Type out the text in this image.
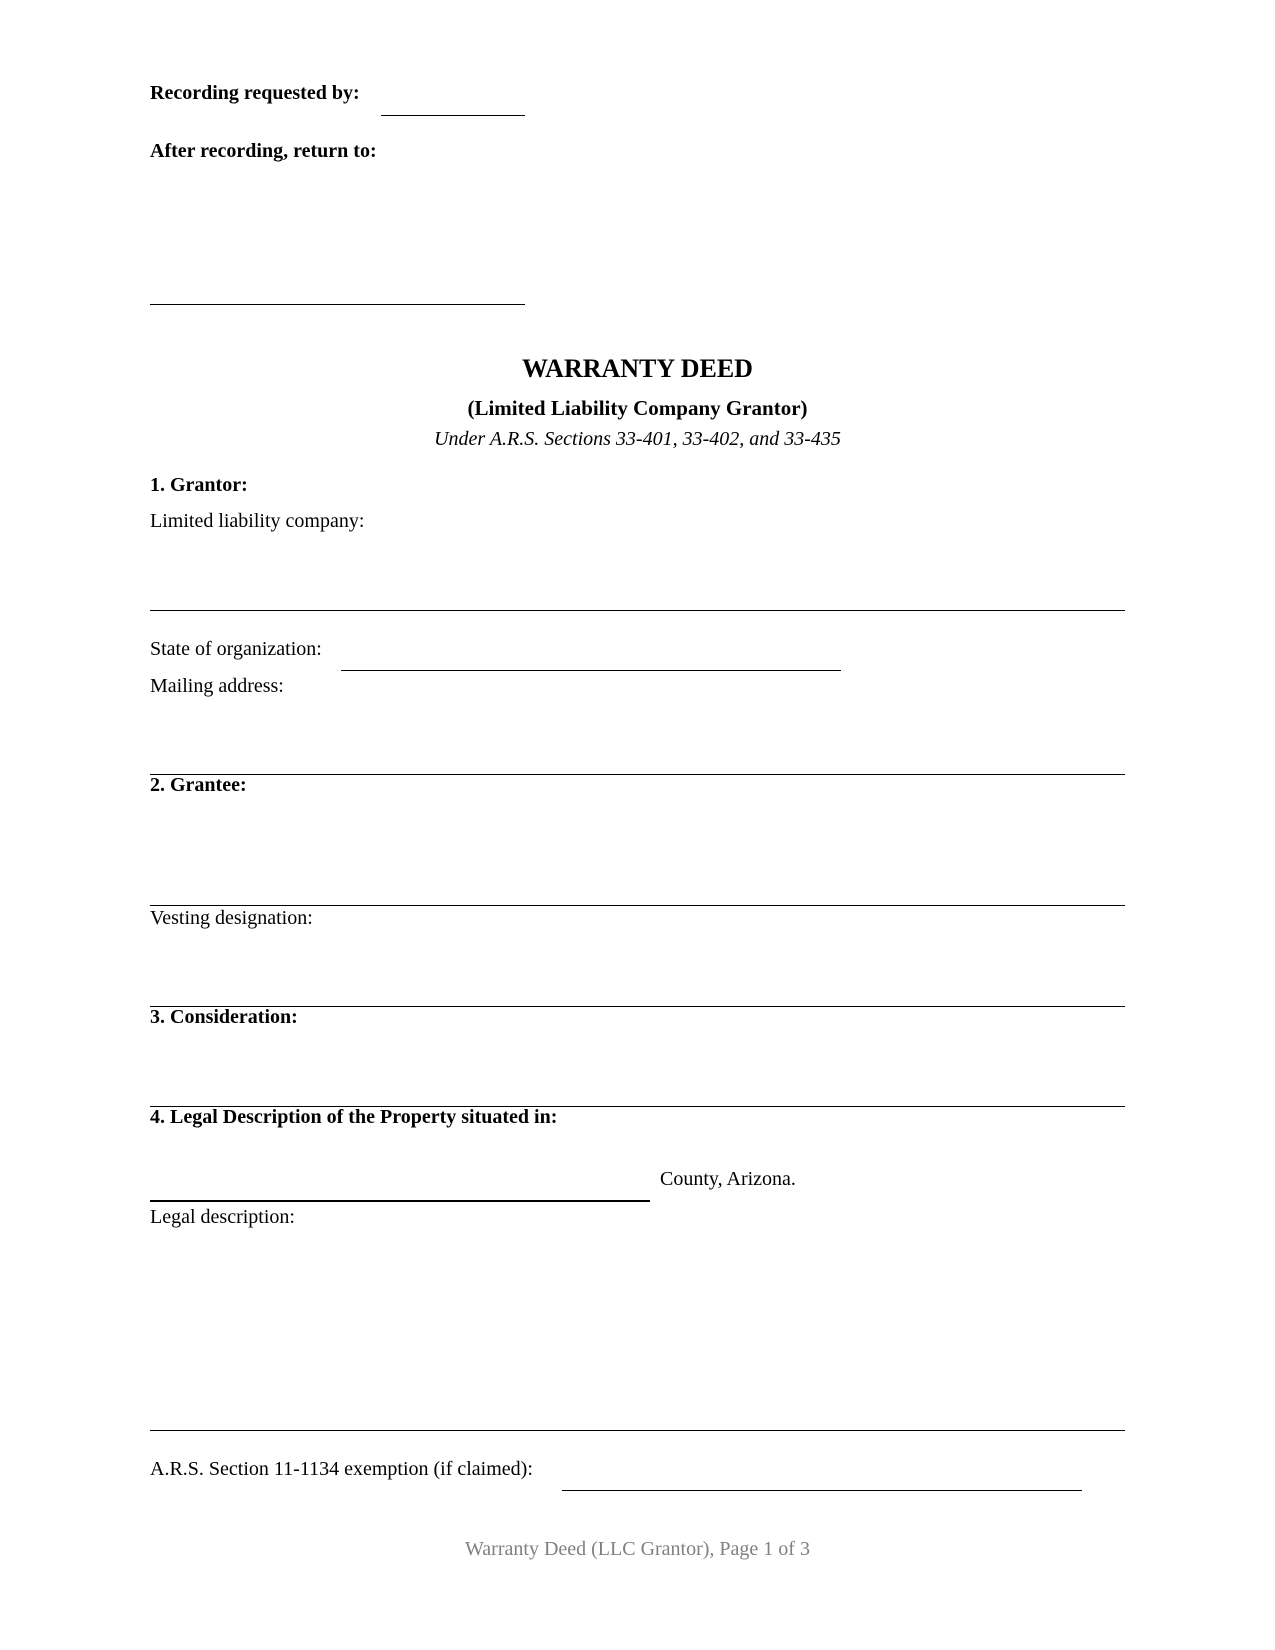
Recording requested by:
After recording, return to:
WARRANTY DEED
(Limited Liability Company Grantor)
Under A.R.S. Sections 33-401, 33-402, and 33-435
1. Grantor:
Limited liability company:
State of organization:
Mailing address:
2. Grantee:
Vesting designation:
3. Consideration:
4. Legal Description of the Property situated in:
County, Arizona.
Legal description:
A.R.S. Section 11-1134 exemption (if claimed):
Warranty Deed (LLC Grantor), Page 1 of 3
